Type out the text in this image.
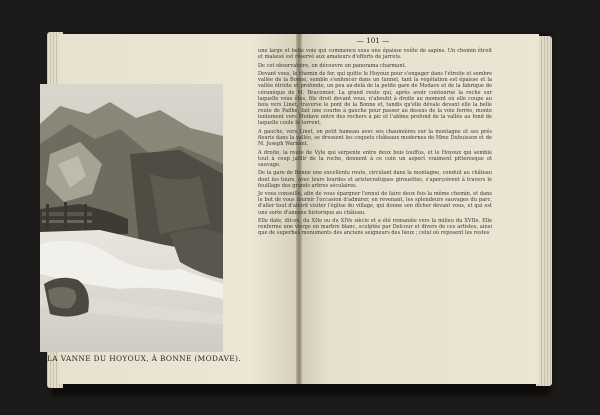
LA VANNE DU HOYOUX, À BONNE (MODAVE).
— 101 —

une large et belle voie qui commence sous une épaisse voûte de sapins. Un chemin étroit et malaisé est réservé aux amateurs d'efforts de jarrets.

De cet observatoire, on découvre un panorama charmant.

Devant vous, le chemin de fer, qui quitte le Hoyoux pour s'engager dans l'étroite et sombre vallée de la Bonne, semble s'enfoncer dans un tunnel, tant la végétation est épaisse et la vallée étroite et profonde, un peu au-delà de la petite gare de Modave et de la fabrique de céramique de M. Bracomier. La grand route qui, après avoir contourné la roche sur laquelle vous êtes, file droit devant vous, n'aboutit à droite au moment où elle coupe au bois vers Linet, traverse le pont de la Bonne et, tandis qu'elle dévale devant elle la belle route de Pailhe, fait une courbe à gauche pour passer au dessus de la voie ferrée, monte lentement vers Modave entre des rochers à pic et l'abîme profond de la vallée au fond de laquelle coule le torrent.

A gauche, vers Linet, on petit hameau avec ses chaumières sur la montagne et ses prés fleuris dans la vallée, se dressent les coquets châteaux modernes de Mme Dubuisson et de M. Joseph Warnant.

A droite, la route de Vyle qui serpente entre deux bois touffus, et le Hoyoux qui semble tout à coup jaillir de la roche, donnent à ce coin un aspect vraiment pittoresque et sauvage.

De la gare de Bonne une excellente route, circulant dans la montagne, conduit au château dont les tours, avec leurs lourdes et aristocratiques girouettes, s'aperçoivent à travers le feuillage des grands arbres séculaires.

Je vous conseille, afin de vous épargner l'ennui de faire deux fois la même chemin, et dans le but de vous fournir l'occasion d'admirer, en revenant, les splendeurs sauvages du parc, d'aller tout d'abord visiter l'église du village, qui donne son dîcher devant vous, et qui est une sorte d'annexe historique au château.

Elle date, dit-on, du XIIe ou du XIVe siècle et a été remaniée vers la milieu du XVIIe. Elle renferme une vierge en marbre blanc, sculptée par Delcour et divers de ces artistes, ainsi que de superbes monuments des anciens seigneurs des lieux ; celui où reposent les restes
